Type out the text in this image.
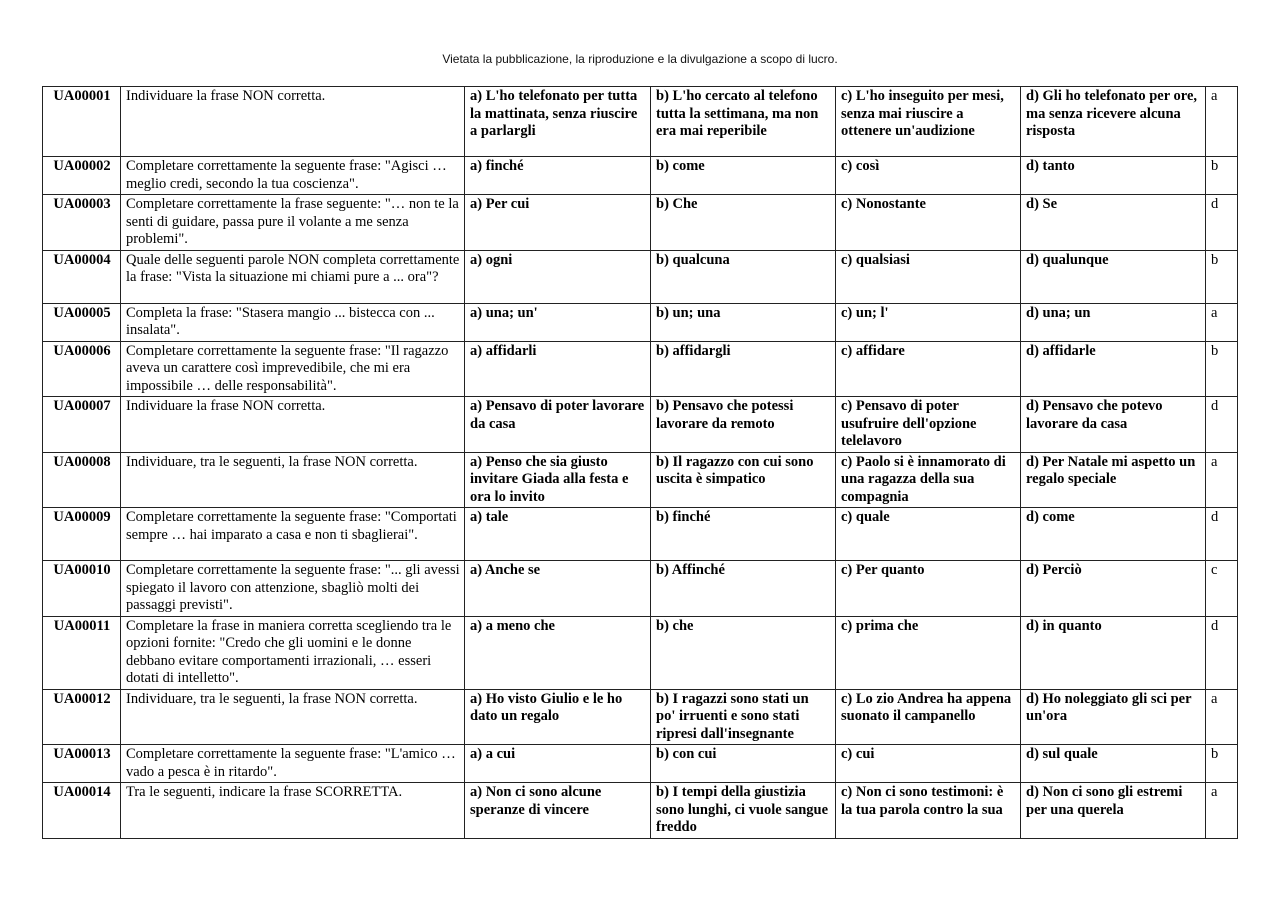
Vietata la pubblicazione, la riproduzione e la divulgazione a scopo di lucro.
UA00001	Individuare la frase NON corretta.	a) L'ho telefonato per tutta la mattinata, senza riuscire a parlargli	b) L'ho cercato al telefono tutta la settimana, ma non era mai reperibile	c) L'ho inseguito per mesi, senza mai riuscire a ottenere un'audizione	d) Gli ho telefonato per ore, ma senza ricevere alcuna risposta	a
UA00002	Completare correttamente la seguente frase: "Agisci … meglio credi, secondo la tua coscienza".	a) finché	b) come	c) così	d) tanto	b
UA00003	Completare correttamente la frase seguente: "… non te la senti di guidare, passa pure il volante a me senza problemi".	a) Per cui	b) Che	c) Nonostante	d) Se	d
UA00004	Quale delle seguenti parole NON completa correttamente la frase: "Vista la situazione mi chiami pure a ... ora"?	a) ogni	b) qualcuna	c) qualsiasi	d) qualunque	b
UA00005	Completa la frase: "Stasera mangio ... bistecca con ... insalata".	a) una; un'	b) un; una	c) un; l'	d) una; un	a
UA00006	Completare correttamente la seguente frase: "Il ragazzo aveva un carattere così imprevedibile, che mi era impossibile … delle responsabilità".	a) affidarli	b) affidargli	c) affidare	d) affidarle	b
UA00007	Individuare la frase NON corretta.	a) Pensavo di poter lavorare da casa	b) Pensavo che potessi lavorare da remoto	c) Pensavo di poter usufruire dell'opzione telelavoro	d) Pensavo che potevo lavorare da casa	d
UA00008	Individuare, tra le seguenti, la frase NON corretta.	a) Penso che sia giusto invitare Giada alla festa e ora lo invito	b) Il ragazzo con cui sono uscita è simpatico	c) Paolo si è innamorato di una ragazza della sua compagnia	d) Per Natale mi aspetto un regalo speciale	a
UA00009	Completare correttamente la seguente frase: "Comportati sempre … hai imparato a casa e non ti sbaglierai".	a) tale	b) finché	c) quale	d) come	d
UA00010	Completare correttamente la seguente frase: "... gli avessi spiegato il lavoro con attenzione, sbagliò molti dei passaggi previsti".	a) Anche se	b) Affinché	c) Per quanto	d) Perciò	c
UA00011	Completare la frase in maniera corretta scegliendo tra le opzioni fornite: "Credo che gli uomini e le donne debbano evitare comportamenti irrazionali, … esseri dotati di intelletto".	a) a meno che	b) che	c) prima che	d) in quanto	d
UA00012	Individuare, tra le seguenti, la frase NON corretta.	a) Ho visto Giulio e le ho dato un regalo	b) I ragazzi sono stati un po' irruenti e sono stati ripresi dall'insegnante	c) Lo zio Andrea ha appena suonato il campanello	d) Ho noleggiato gli sci per un'ora	a
UA00013	Completare correttamente la seguente frase: "L'amico … vado a pesca è in ritardo".	a) a cui	b) con cui	c) cui	d) sul quale	b
UA00014	Tra le seguenti, indicare la frase SCORRETTA.	a) Non ci sono alcune speranze di vincere	b) I tempi della giustizia sono lunghi, ci vuole sangue freddo	c) Non ci sono testimoni: è la tua parola contro la sua	d) Non ci sono gli estremi per una querela	a
